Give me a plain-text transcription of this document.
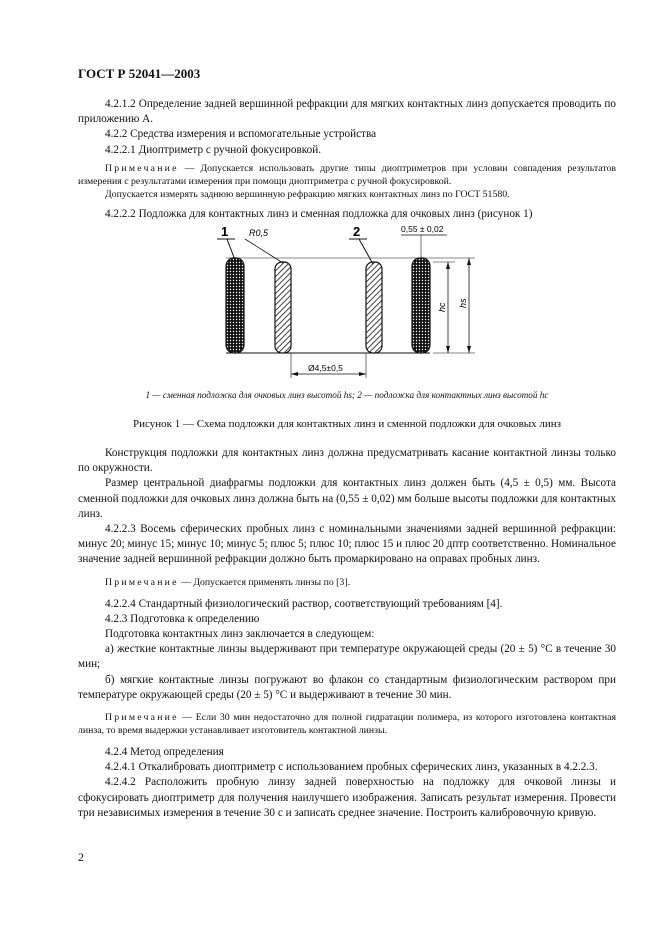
ГОСТ Р 52041—2003

4.2.1.2 Определение задней вершинной рефракции для мягких контактных линз допускается проводить по приложению А.

4.2.2 Средства измерения и вспомогательные устройства

4.2.2.1 Диоптриметр с ручной фокусировкой.

Примечание — Допускается использовать другие типы диоптриметров при условии совпадения результатов измерения с результатами измерения при помощи диоптриметра с ручной фокусировкой.

Допускается измерять заднюю вершинную рефракцию мягких контактных линз по ГОСТ 51580.

4.2.2.2 Подложка для контактных линз и сменная подложка для очковых линз (рисунок 1)

1 R0,5	2	0,55 ± 0,02
hc hs
Ø4,5±0,5
1 — сменная подложка для очковых линз высотой hs; 2 — подложка для контактных линз высотой hc
Рисунок 1 — Схема подложки для контактных линз и сменной подложки для очковых линз

Конструкция подложки для контактных линз должна предусматривать касание контактной линзы только по окружности.

Размер центральной диафрагмы подложки для контактных линз должен быть (4,5 ± 0,5) мм. Высота сменной подложки для очковых линз должна быть на (0,55 ± 0,02) мм больше высоты подложки для контактных линз.

4.2.2.3 Восемь сферических пробных линз с номинальными значениями задней вершинной рефракции: минус 20; минус 15; минус 10; минус 5; плюс 5; плюс 10; плюс 15 и плюс 20 дптр соответственно. Номинальное значение задней вершинной рефракции должно быть промаркировано на оправах пробных линз.

Примечание — Допускается применять линзы по [3].

4.2.2.4 Стандартный физиологический раствор, соответствующий требованиям [4].

4.2.3 Подготовка к определению

Подготовка контактных линз заключается в следующем:

а) жесткие контактные линзы выдерживают при температуре окружающей среды (20 ± 5) °С в течение 30 мин;

б) мягкие контактные линзы погружают во флакон со стандартным физиологическим раствором при температуре окружающей среды (20 ± 5) °С и выдерживают в течение 30 мин.

Примечание — Если 30 мин недостаточно для полной гидратации полимера, из которого изготовлена контактная линза, то время выдержки устанавливает изготовитель контактной линзы.

4.2.4 Метод определения

4.2.4.1 Откалибровать диоптриметр с использованием пробных сферических линз, указанных в 4.2.2.3.

4.2.4.2 Расположить пробную линзу задней поверхностью на подложку для очковой линзы и сфокусировать диоптриметр для получения наилучшего изображения. Записать результат измерения. Провести три независимых измерения в течение 30 с и записать среднее значение. Построить калибровочную кривую.

2
